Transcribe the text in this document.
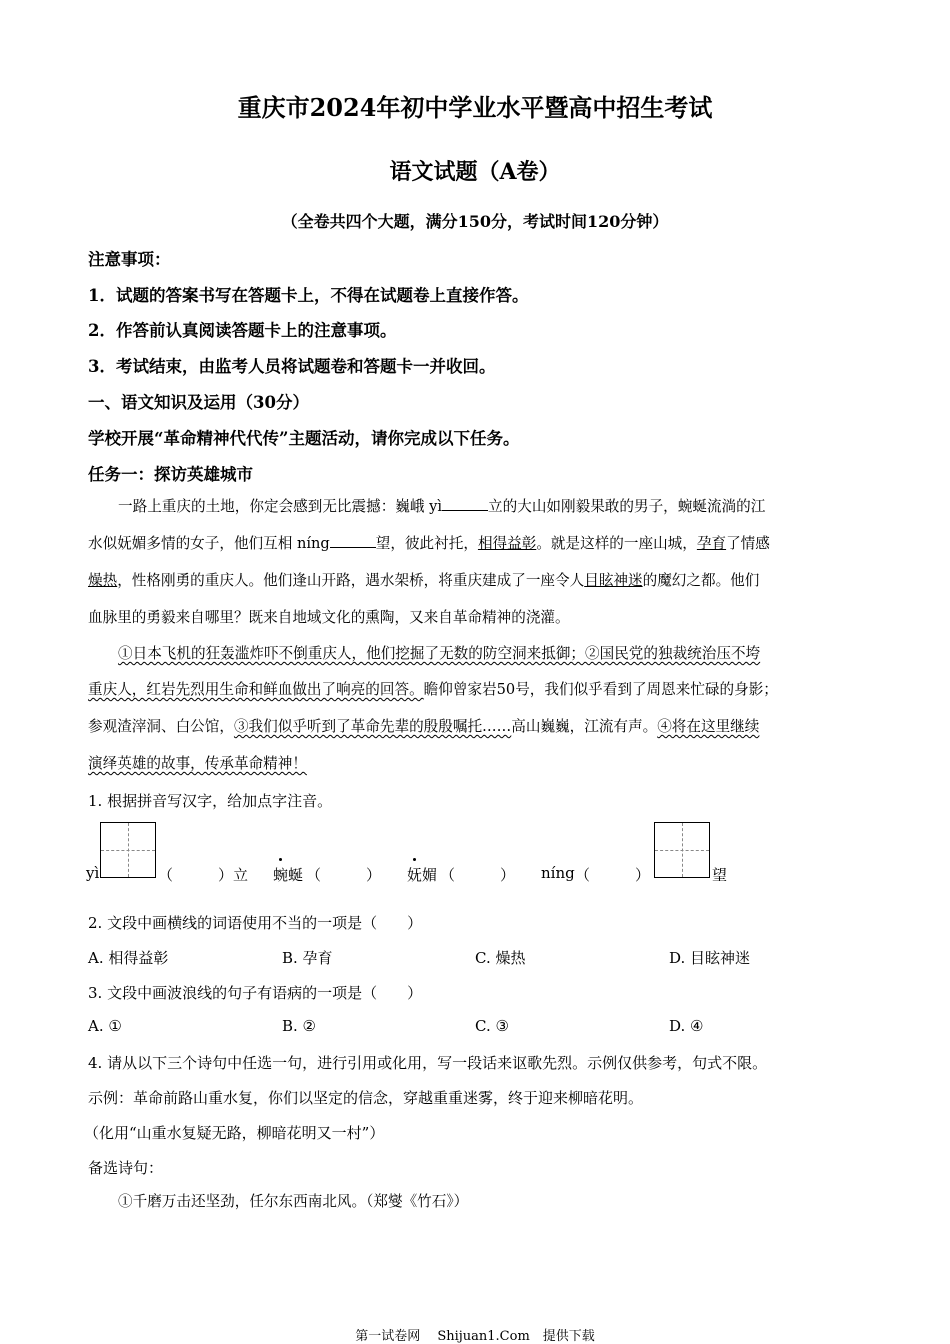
重庆市2024年初中学业水平暨高中招生考试
语文试题（A卷）
（全卷共四个大题，满分150分，考试时间120分钟）
注意事项：
1．试题的答案书写在答题卡上，不得在试题卷上直接作答。
2．作答前认真阅读答题卡上的注意事项。
3．考试结束，由监考人员将试题卷和答题卡一并收回。
一、语文知识及运用（30分）
学校开展“革命精神代代传”主题活动，请你完成以下任务。
任务一：探访英雄城市
一路上重庆的土地，你定会感到无比震撼：巍峨 yì	立的大山如刚毅果敢的男子，蜿蜒流淌的江
水似妩媚多情的女子，他们互相 níng	望，彼此衬托，相得益彰。就是这样的一座山城，孕育了情感
燥热，性格刚勇的重庆人。他们逢山开路，遇水架桥，将重庆建成了一座令人目眩神迷的魔幻之都。他们
血脉里的勇毅来自哪里？既来自地域文化的熏陶，又来自革命精神的浇灌。
①日本飞机的狂轰滥炸吓不倒重庆人，他们挖掘了无数的防空洞来抵御；②国民党的独裁统治压不垮
重庆人，红岩先烈用生命和鲜血做出了响亮的回答。瞻仰曾家岩50号，我们似乎看到了周恩来忙碌的身影；
参观渣滓洞、白公馆，③我们似乎听到了革命先辈的殷殷嘱托……高山巍巍，江流有声。④将在这里继续
演绎英雄的故事，传承革命精神！
1. 根据拼音写汉字，给加点字注音。
yì	（　　　）立 蜿蜒 （　　　） 妩媚 （　　　） níng （　　　）	望
2. 文段中画横线的词语使用不当的一项是（　　）
A. 相得益彰	B. 孕育	C. 燥热	D. 目眩神迷
3. 文段中画波浪线的句子有语病的一项是（　　）
A. ①	B. ②	C. ③	D. ④
4. 请从以下三个诗句中任选一句，进行引用或化用，写一段话来讴歌先烈。示例仅供参考，句式不限。
示例：革命前路山重水复，你们以坚定的信念，穿越重重迷雾，终于迎来柳暗花明。
（化用“山重水复疑无路，柳暗花明又一村”）
备选诗句：
①千磨万击还坚劲，任尔东西南北风。（郑燮《竹石》）
第一试卷网　 Shijuan1.Com　提供下载
